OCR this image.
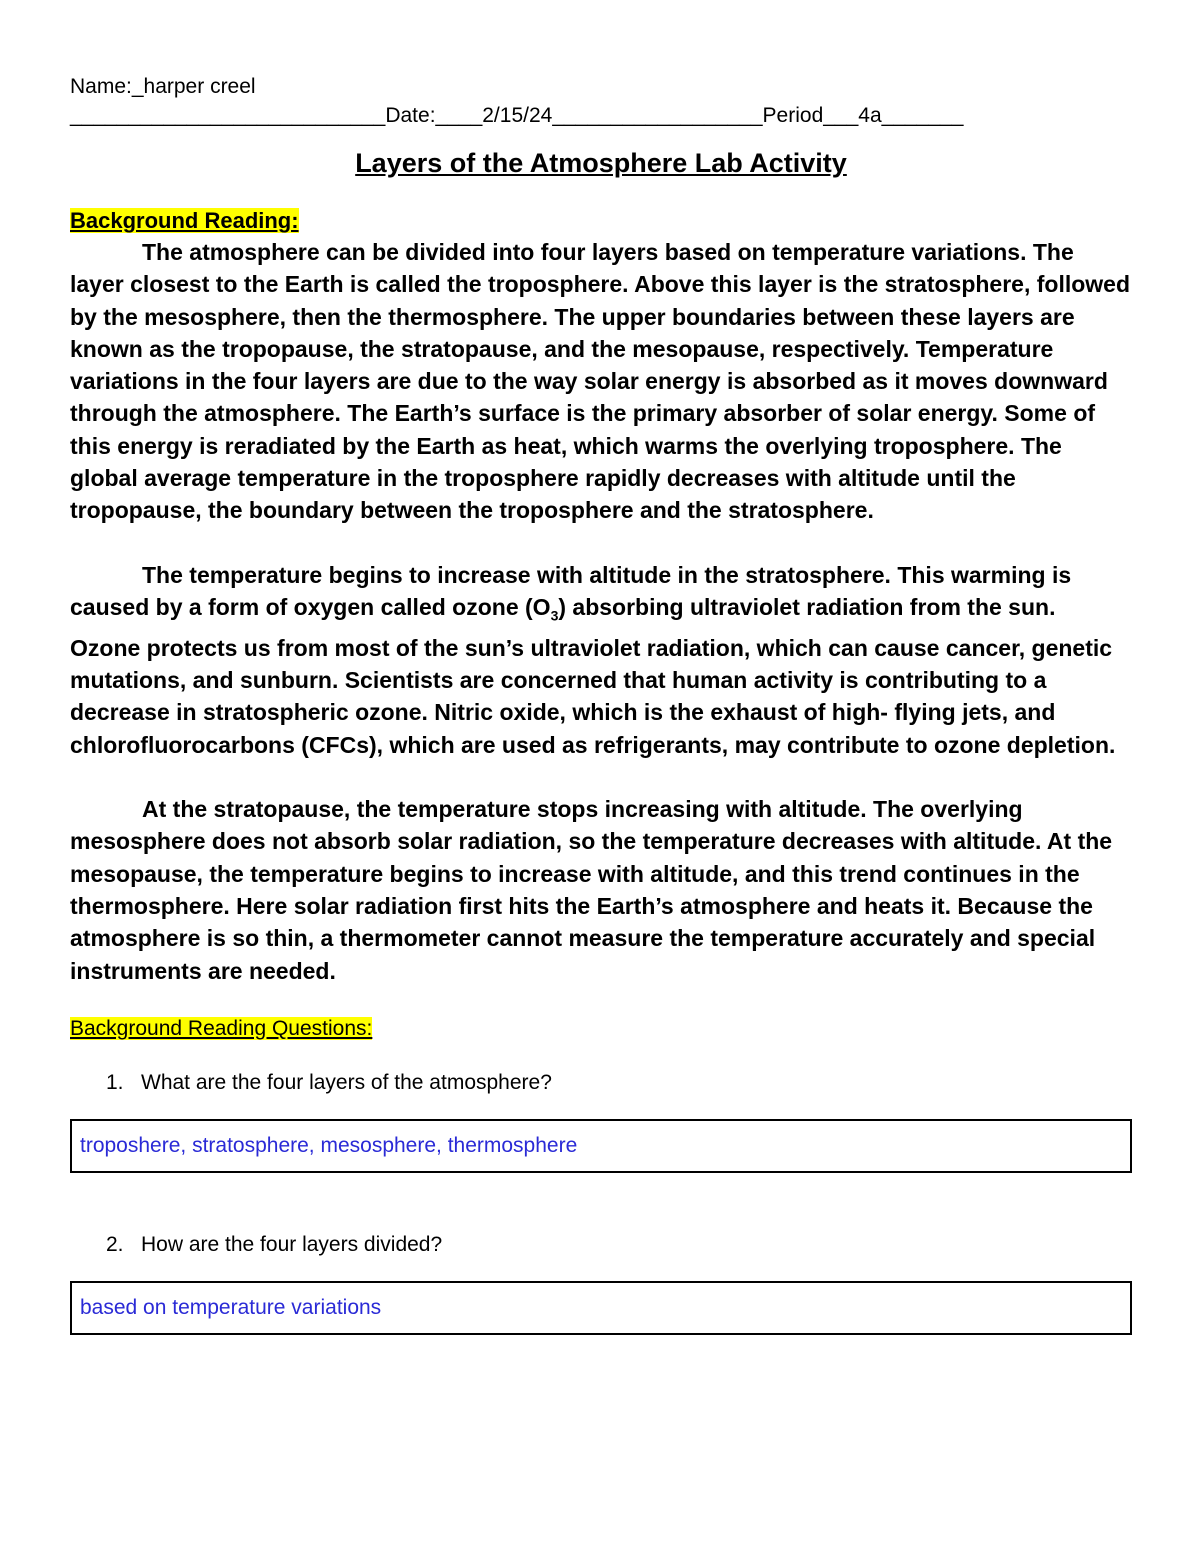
Name:_harper creel
___________________________Date:____2/15/24__________________Period___4a_______
Layers of the Atmosphere Lab Activity
Background Reading:

The atmosphere can be divided into four layers based on temperature variations. The layer closest to the Earth is called the troposphere. Above this layer is the stratosphere, followed by the mesosphere, then the thermosphere. The upper boundaries between these layers are known as the tropopause, the stratopause, and the mesopause, respectively. Temperature variations in the four layers are due to the way solar energy is absorbed as it moves downward through the atmosphere. The Earth’s surface is the primary absorber of solar energy. Some of this energy is reradiated by the Earth as heat, which warms the overlying troposphere. The global average temperature in the troposphere rapidly decreases with altitude until the tropopause, the boundary between the troposphere and the stratosphere.

The temperature begins to increase with altitude in the stratosphere. This warming is caused by a form of oxygen called ozone $(O_3)$ absorbing ultraviolet radiation from the sun. Ozone protects us from most of the sun’s ultraviolet radiation, which can cause cancer, genetic mutations, and sunburn. Scientists are concerned that human activity is contributing to a decrease in stratospheric ozone. Nitric oxide, which is the exhaust of high- flying jets, and chlorofluorocarbons (CFCs), which are used as refrigerants, may contribute to ozone depletion.

At the stratopause, the temperature stops increasing with altitude. The overlying mesosphere does not absorb solar radiation, so the temperature decreases with altitude. At the mesopause, the temperature begins to increase with altitude, and this trend continues in the thermosphere. Here solar radiation first hits the Earth’s atmosphere and heats it. Because the atmosphere is so thin, a thermometer cannot measure the temperature accurately and special instruments are needed.

Background Reading Questions:
1. What are the four layers of the atmosphere?
troposhere, stratosphere, mesosphere, thermosphere
2. How are the four layers divided?
based on temperature variations
